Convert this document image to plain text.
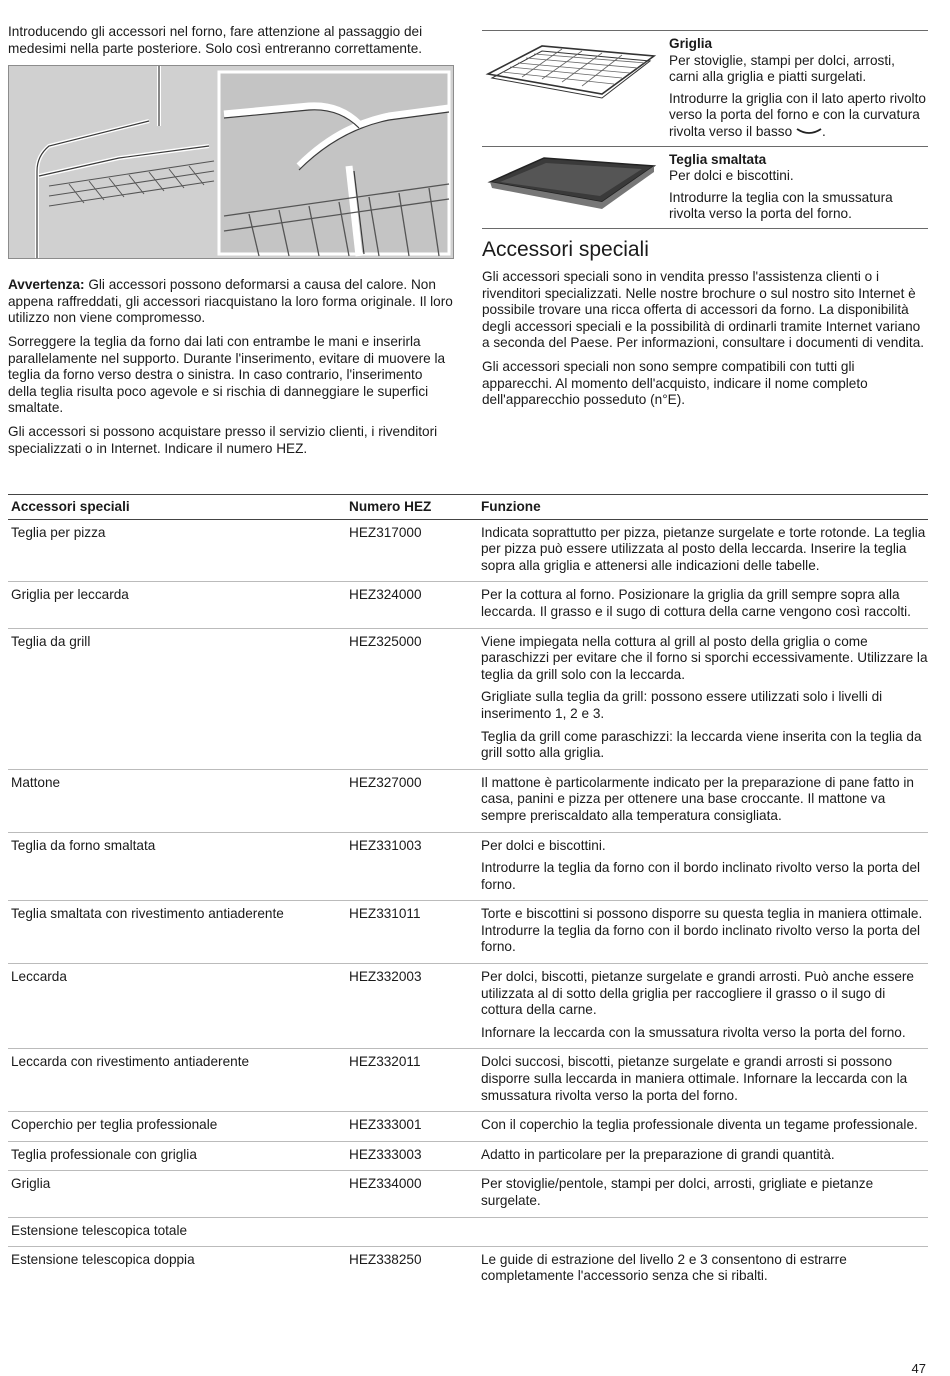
Introducendo gli accessori nel forno, fare attenzione al passaggio dei medesimi nella parte posteriore. Solo così entreranno correttamente.

Avvertenza: Gli accessori possono deformarsi a causa del calore. Non appena raffreddati, gli accessori riacquistano la loro forma originale. Il loro utilizzo non viene compromesso.

Sorreggere la teglia da forno dai lati con entrambe le mani e inserirla parallelamente nel supporto. Durante l'inserimento, evitare di muovere la teglia da forno verso destra o sinistra. In caso contrario, l'inserimento della teglia risulta poco agevole e si rischia di danneggiare le superfici smaltate.

Gli accessori si possono acquistare presso il servizio clienti, i rivenditori specializzati o in Internet. Indicare il numero HEZ.

Griglia

Per stoviglie, stampi per dolci, arrosti, carni alla griglia e piatti surgelati.

Introdurre la griglia con il lato aperto rivolto verso la porta del forno e con la curvatura rivolta verso il basso .

Teglia smaltata

Per dolci e biscottini.

Introdurre la teglia con la smussatura rivolta verso la porta del forno.

Accessori speciali

Gli accessori speciali sono in vendita presso l'assistenza clienti o i rivenditori specializzati. Nelle nostre brochure o sul nostro sito Internet è possibile trovare una ricca offerta di accessori da forno. La disponibilità degli accessori speciali e la possibilità di ordinarli tramite Internet variano a seconda del Paese. Per informazioni, consultare i documenti di vendita.

Gli accessori speciali non sono sempre compatibili con tutti gli apparecchi. Al momento dell'acquisto, indicare il nome completo dell'apparecchio posseduto (n°E).

Accessori speciali	Numero HEZ	Funzione
Teglia per pizza	HEZ317000	Indicata soprattutto per pizza, pietanze surgelate e torte rotonde. La teglia per pizza può essere utilizzata al posto della leccarda. Inserire la teglia sopra alla griglia e attenersi alle indicazioni delle tabelle.

Griglia per leccarda	HEZ324000	Per la cottura al forno. Posizionare la griglia da grill sempre sopra alla leccarda. Il grasso e il sugo di cottura della carne vengono così raccolti.

Teglia da grill	HEZ325000	Viene impiegata nella cottura al grill al posto della griglia o come paraschizzi per evitare che il forno si sporchi eccessivamente. Utilizzare la teglia da grill solo con la leccarda.

Grigliate sulla teglia da grill: possono essere utilizzati solo i livelli di inserimento 1, 2 e 3.

Teglia da grill come paraschizzi: la leccarda viene inserita con la teglia da grill sotto alla griglia.

Mattone	HEZ327000	Il mattone è particolarmente indicato per la preparazione di pane fatto in casa, panini e pizza per ottenere una base croccante. Il mattone va sempre preriscaldato alla temperatura consigliata.

Teglia da forno smaltata	HEZ331003	Per dolci e biscottini.

Introdurre la teglia da forno con il bordo inclinato rivolto verso la porta del forno.

Teglia smaltata con rivestimento antiaderente	HEZ331011	Torte e biscottini si possono disporre su questa teglia in maniera ottimale. Introdurre la teglia da forno con il bordo inclinato rivolto verso la porta del forno.

Leccarda	HEZ332003	Per dolci, biscotti, pietanze surgelate e grandi arrosti. Può anche essere utilizzata al di sotto della griglia per raccogliere il grasso o il sugo di cottura della carne.

Infornare la leccarda con la smussatura rivolta verso la porta del forno.

Leccarda con rivestimento antiaderente	HEZ332011	Dolci succosi, biscotti, pietanze surgelate e grandi arrosti si possono disporre sulla leccarda in maniera ottimale. Infornare la leccarda con la smussatura rivolta verso la porta del forno.

Coperchio per teglia professionale	HEZ333001	Con il coperchio la teglia professionale diventa un tegame professionale.

Teglia professionale con griglia	HEZ333003	Adatto in particolare per la preparazione di grandi quantità.

Griglia	HEZ334000	Per stoviglie/pentole, stampi per dolci, arrosti, grigliate e pietanze surgelate.

Estensione telescopica totale

Estensione telescopica doppia	HEZ338250	Le guide di estrazione del livello 2 e 3 consentono di estrarre completamente l'accessorio senza che si ribalti.

47
